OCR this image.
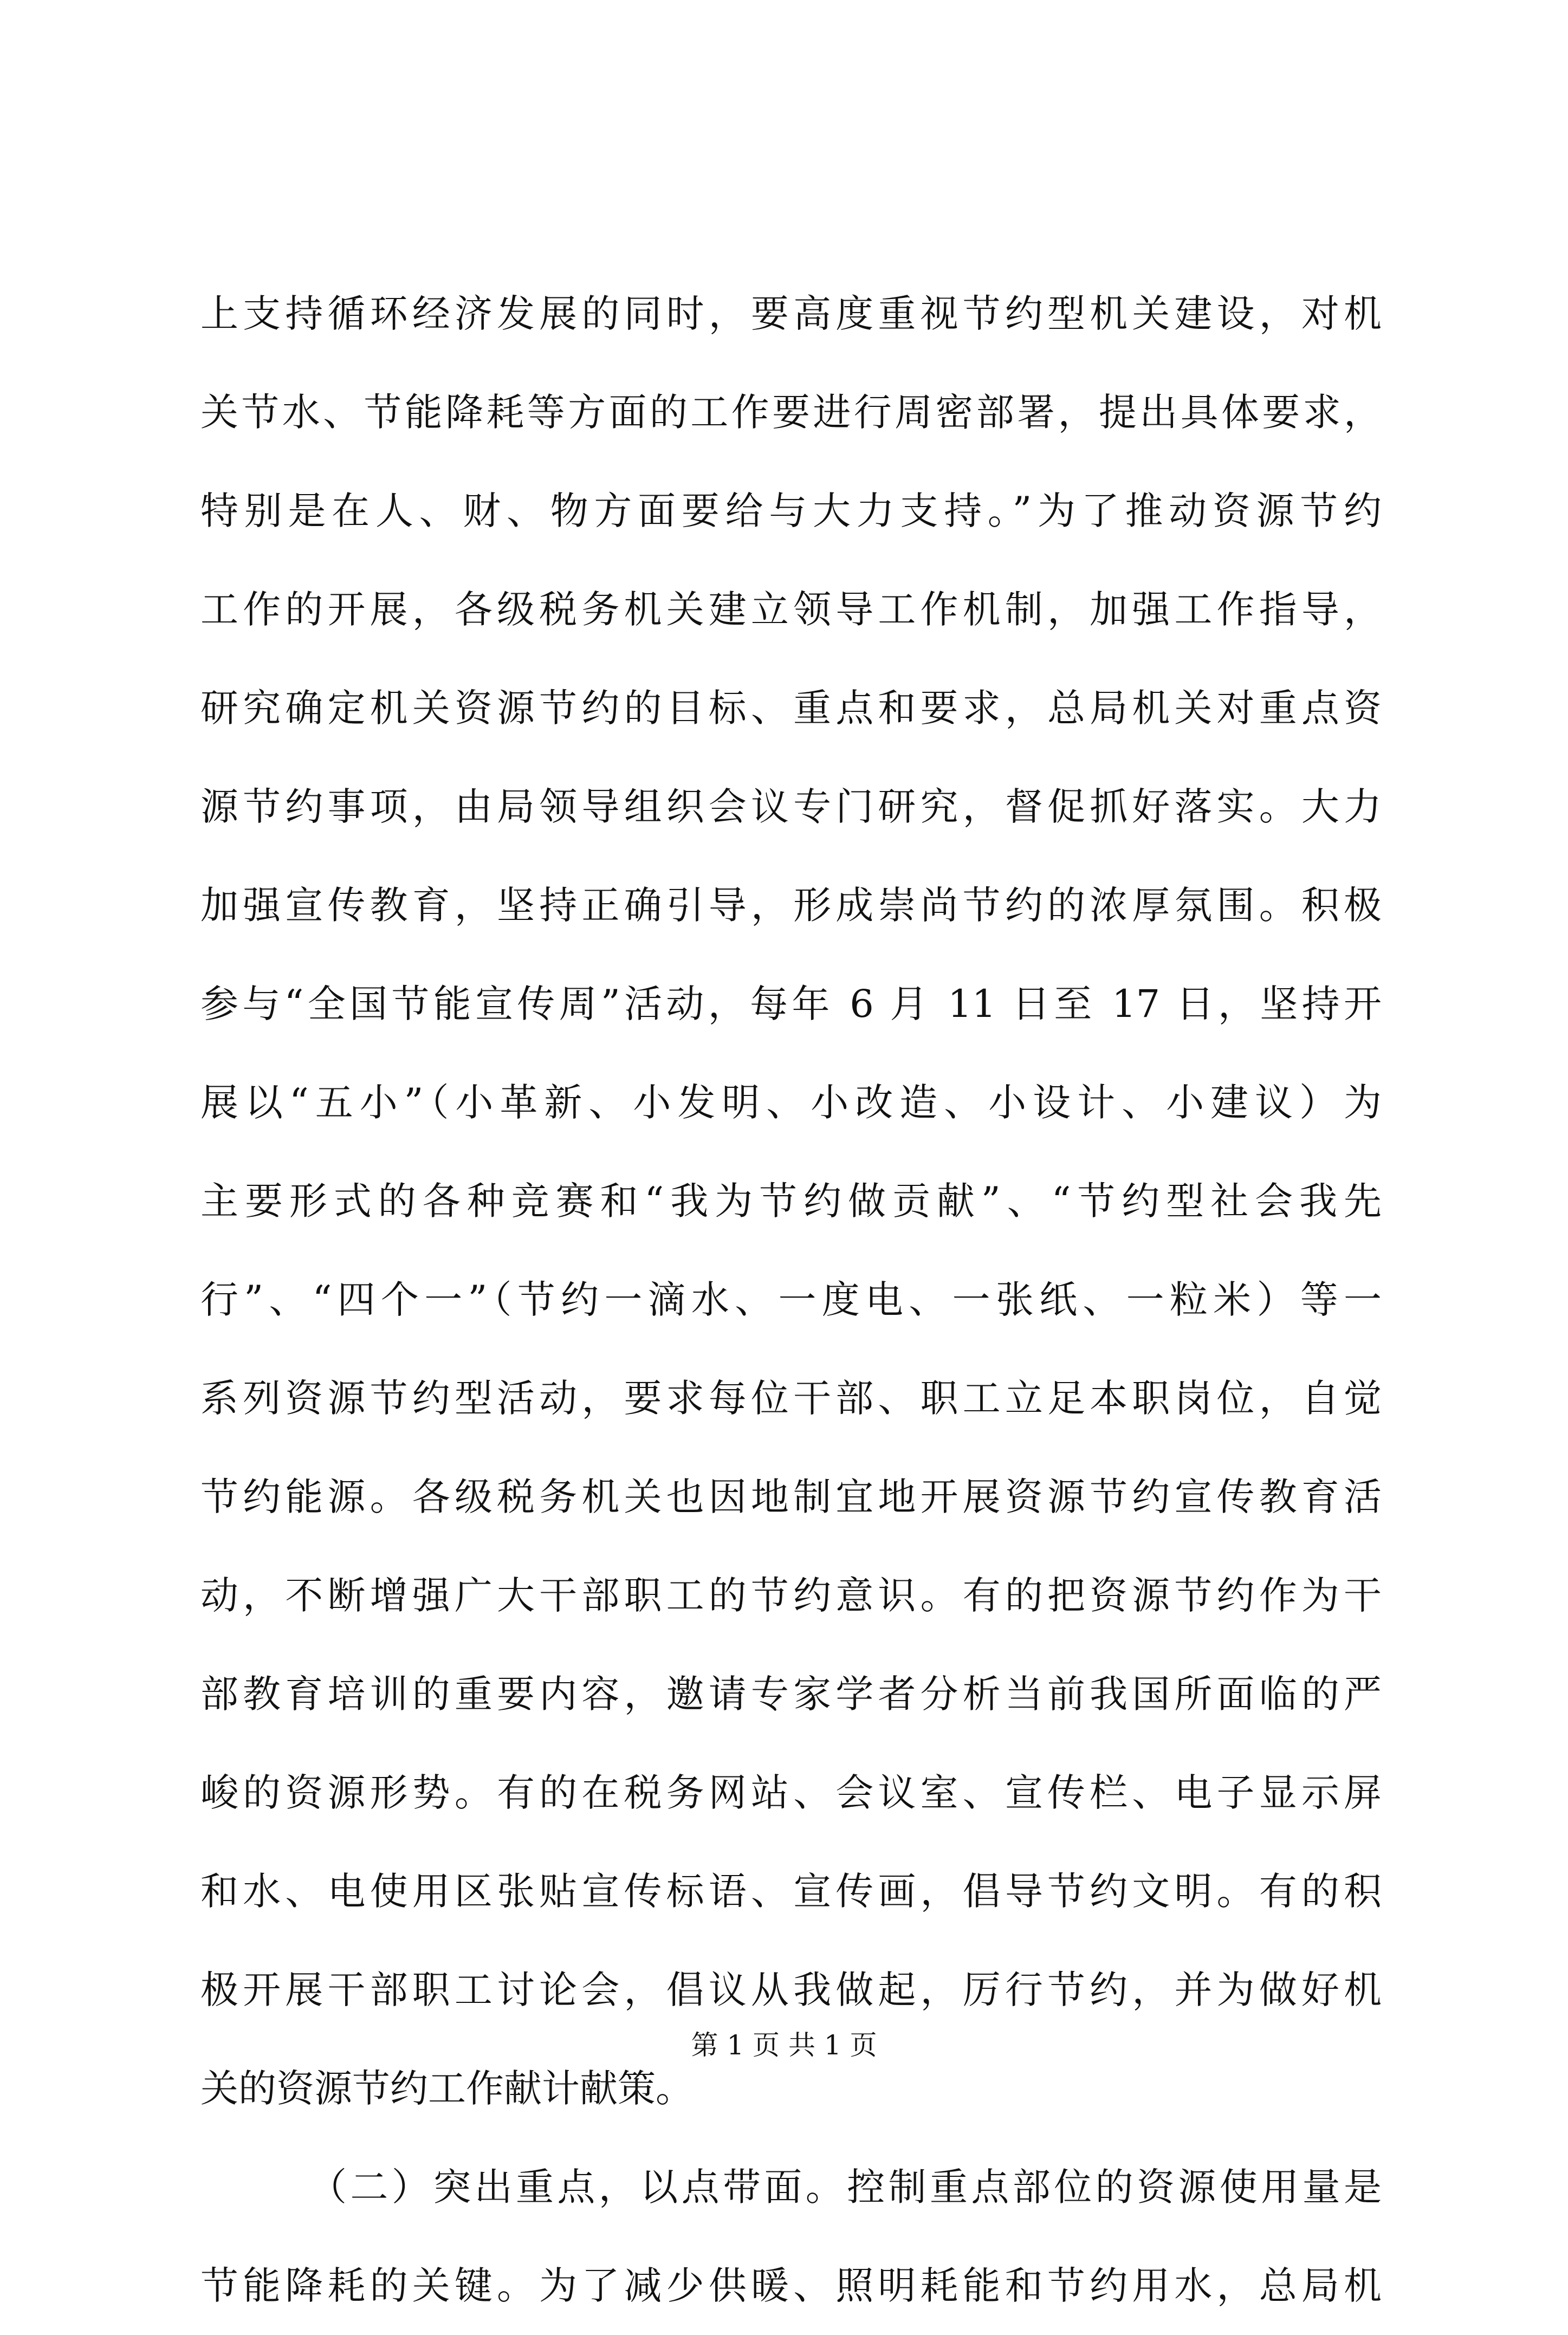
上支持循环经济发展的同时，要高度重视节约型机关建设，对机
关节水、节能降耗等方面的工作要进行周密部署，提出具体要求，
特别是在人、财、物方面要给与大力支持。”为了推动资源节约
工作的开展，各级税务机关建立领导工作机制，加强工作指导，
研究确定机关资源节约的目标、重点和要求，总局机关对重点资
源节约事项，由局领导组织会议专门研究，督促抓好落实。大力
加强宣传教育，坚持正确引导，形成崇尚节约的浓厚氛围。积极
参与“全国节能宣传周”活动，每年 6 月 11 日至 17 日，坚持开
展以“五小”（小革新、小发明、小改造、小设计、小建议）为
主要形式的各种竞赛和“我为节约做贡献”、“节约型社会我先
行”、“四个一”（节约一滴水、一度电、一张纸、一粒米）等一
系列资源节约型活动，要求每位干部、职工立足本职岗位，自觉
节约能源。各级税务机关也因地制宜地开展资源节约宣传教育活
动，不断增强广大干部职工的节约意识。有的把资源节约作为干
部教育培训的重要内容，邀请专家学者分析当前我国所面临的严
峻的资源形势。有的在税务网站、会议室、宣传栏、电子显示屏
和水、电使用区张贴宣传标语、宣传画，倡导节约文明。有的积
极开展干部职工讨论会，倡议从我做起，厉行节约，并为做好机
关的资源节约工作献计献策。
（二）突出重点，以点带面。控制重点部位的资源使用量是
节能降耗的关键。为了减少供暖、照明耗能和节约用水，总局机
第 1 页 共 1 页
